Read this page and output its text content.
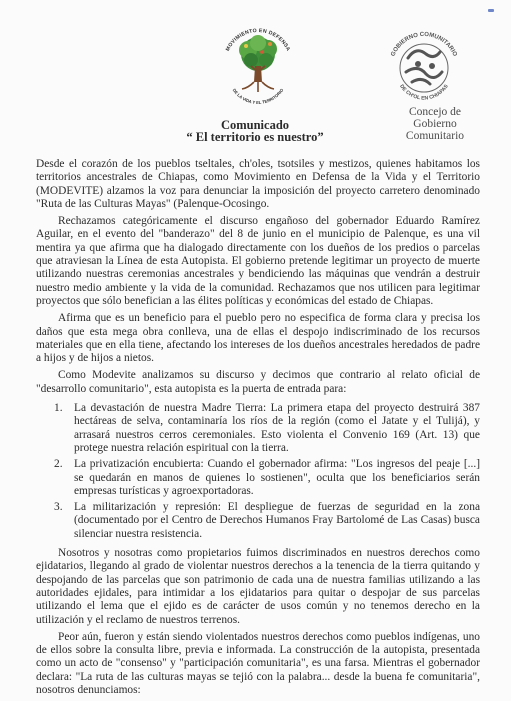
MOVIMIENTO EN DEFENSA
DE LA VIDA Y EL TERRITORIO
GOBIERNO COMUNITARIO
DE CH'OL EN CHIAPAS
Concejo de
Gobierno
Comunitario
Comunicado
“ El territorio es nuestro”

Desde el corazón de los pueblos tseltales, ch'oles, tsotsiles y mestizos, quienes habitamos los territorios ancestrales de Chiapas, como Movimiento en Defensa de la Vida y el Territorio (MODEVITE) alzamos la voz para denunciar la imposición del proyecto carretero denominado "Ruta de las Culturas Mayas" (Palenque-Ocosingo.

Rechazamos categóricamente el discurso engañoso del gobernador Eduardo Ramírez Aguilar, en el evento del "banderazo" del 8 de junio en el municipio de Palenque, es una vil mentira ya que afirma que ha dialogado directamente con los dueños de los predios o parcelas que atraviesan la Línea de esta Autopista. El gobierno pretende legitimar un proyecto de muerte utilizando nuestras ceremonias ancestrales y bendiciendo las máquinas que vendrán a destruir nuestro medio ambiente y la vida de la comunidad. Rechazamos que nos utilicen para legitimar proyectos que sólo benefician a las élites políticas y económicas del estado de Chiapas.

Afirma que es un beneficio para el pueblo pero no especifica de forma clara y precisa los daños que esta mega obra conlleva, una de ellas el despojo indiscriminado de los recursos materiales que en ella tiene, afectando los intereses de los dueños ancestrales heredados de padre a hijos y de hijos a nietos.

Como Modevite analizamos su discurso y decimos que contrario al relato oficial de "desarrollo comunitario", esta autopista es la puerta de entrada para:

1. La devastación de nuestra Madre Tierra: La primera etapa del proyecto destruirá 387 hectáreas de selva, contaminaría los ríos de la región (como el Jatate y el Tulijá), y arrasará nuestros cerros ceremoniales. Esto violenta el Convenio 169 (Art. 13) que protege nuestra relación espiritual con la tierra.
2. La privatización encubierta: Cuando el gobernador afirma: "Los ingresos del peaje [...] se quedarán en manos de quienes lo sostienen", oculta que los beneficiarios serán empresas turísticas y agroexportadoras.
3. La militarización y represión: El despliegue de fuerzas de seguridad en la zona (documentado por el Centro de Derechos Humanos Fray Bartolomé de Las Casas) busca silenciar nuestra resistencia.

Nosotros y nosotras como propietarios fuimos discriminados en nuestros derechos como ejidatarios, llegando al grado de violentar nuestros derechos a la tenencia de la tierra quitando y despojando de las parcelas que son patrimonio de cada una de nuestra familias utilizando a las autoridades ejidales, para intimidar a los ejidatarios para quitar o despojar de sus parcelas utilizando el lema que el ejido es de carácter de usos común y no tenemos derecho en la utilización y el reclamo de nuestros terrenos.

Peor aún, fueron y están siendo violentados nuestros derechos como pueblos indígenas, uno de ellos sobre la consulta libre, previa e informada. La construcción de la autopista, presentada como un acto de "consenso" y "participación comunitaria", es una farsa. Mientras el gobernador declara: "La ruta de las culturas mayas se tejió con la palabra... desde la buena fe comunitaria", nosotros denunciamos:
